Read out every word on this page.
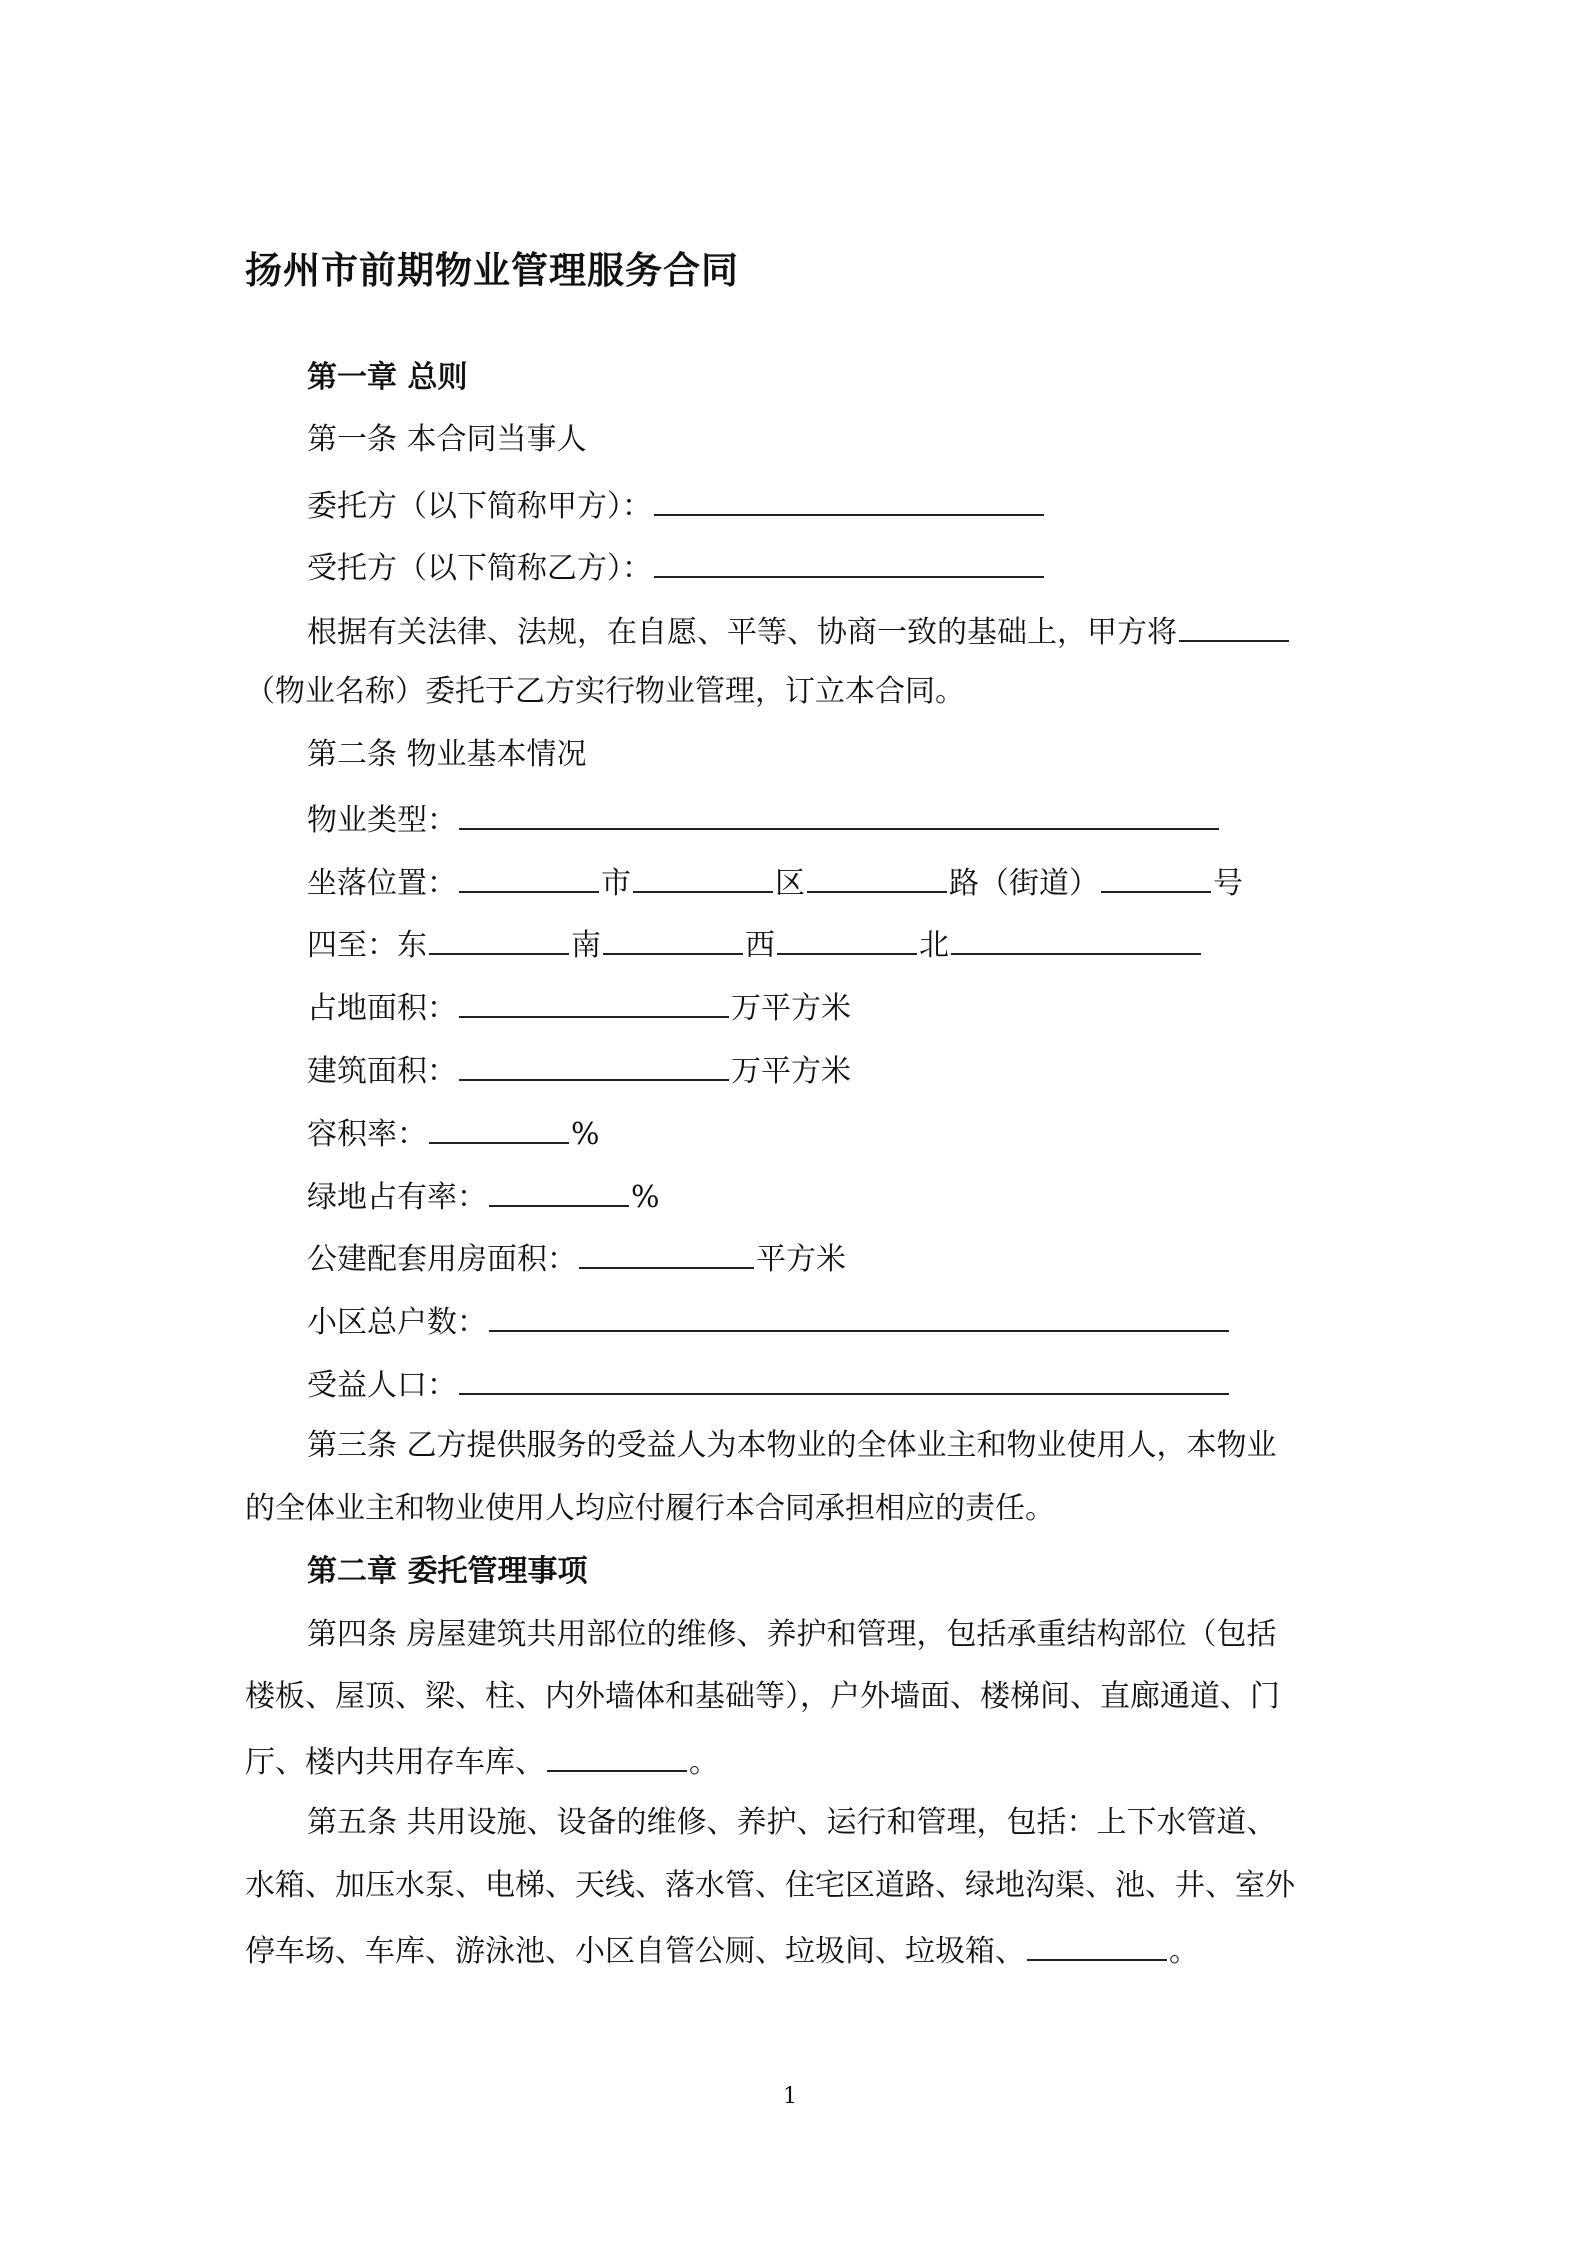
扬州市前期物业管理服务合同
第一章 总则
第一条 本合同当事人
委托方（以下简称甲方）：
受托方（以下简称乙方）：
根据有关法律、法规，在自愿、平等、协商一致的基础上，甲方将
（物业名称）委托于乙方实行物业管理，订立本合同。
第二条 物业基本情况
物业类型：
坐落位置：	市	区	路（街道）	号
四至：东	南	西	北
占地面积：	万平方米
建筑面积：	万平方米
容积率：	%
绿地占有率：	%
公建配套用房面积：	平方米
小区总户数：
受益人口：
第三条 乙方提供服务的受益人为本物业的全体业主和物业使用人，本物业
的全体业主和物业使用人均应付履行本合同承担相应的责任。
第二章 委托管理事项
第四条 房屋建筑共用部位的维修、养护和管理，包括承重结构部位（包括
楼板、屋顶、梁、柱、内外墙体和基础等），户外墙面、楼梯间、直廊通道、门
厅、楼内共用存车库、	。
第五条 共用设施、设备的维修、养护、运行和管理，包括：上下水管道、
水箱、加压水泵、电梯、天线、落水管、住宅区道路、绿地沟渠、池、井、室外
停车场、车库、游泳池、小区自管公厕、垃圾间、垃圾箱、	。
1
